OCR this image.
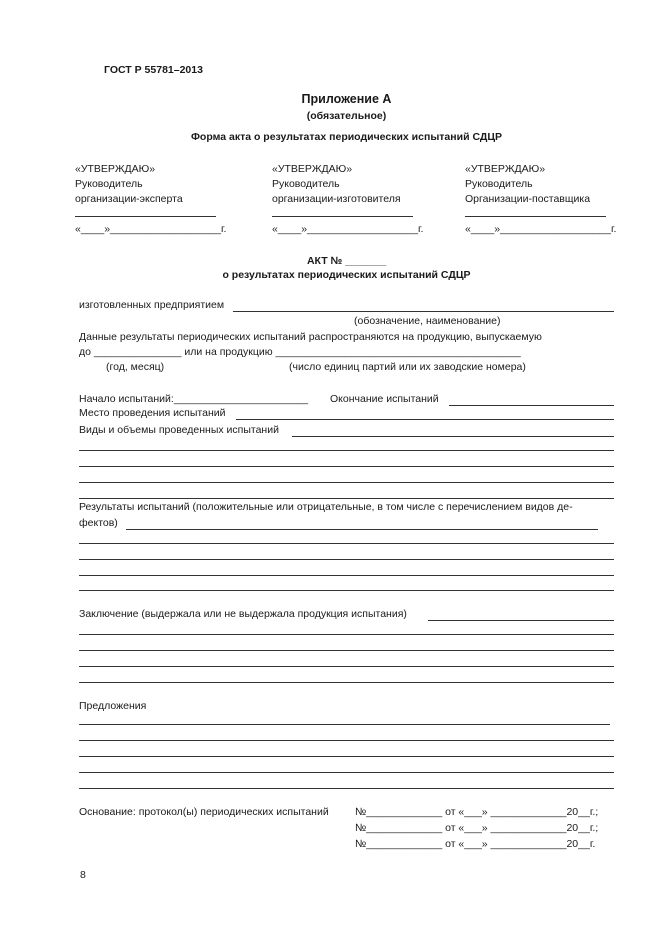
ГОСТ Р 55781–2013
Приложение А
(обязательное)
Форма акта о результатах периодических испытаний СДЦР
«УТВЕРЖДАЮ»
Руководитель
организации-эксперта
«____»___________________г.
«УТВЕРЖДАЮ»
Руководитель
организации-изготовителя
«____»___________________г.
«УТВЕРЖДАЮ»
Руководитель
Организации-поставщика
«____»___________________г.
АКТ № _______
о результатах периодических испытаний СДЦР
изготовленных предприятием
(обозначение, наименование)
Данные результаты периодических испытаний распространяются на продукцию, выпускаемую
до _______________ или на продукцию __________________________________________
(год, месяц)	(число единиц партий или их заводские номера)
Начало испытаний:_______________________ Окончание испытаний
Место проведения испытаний
Виды и объемы проведенных испытаний
Результаты испытаний (положительные или отрицательные, в том числе с перечислением видов де-
фектов)
Заключение (выдержала или не выдержала продукция испытания)
Предложения
Основание: протокол(ы) периодических испытаний	№_____________ от «___» _____________20__г.;
№_____________ от «___» _____________20__г.;
№_____________ от «___» _____________20__г.
8
